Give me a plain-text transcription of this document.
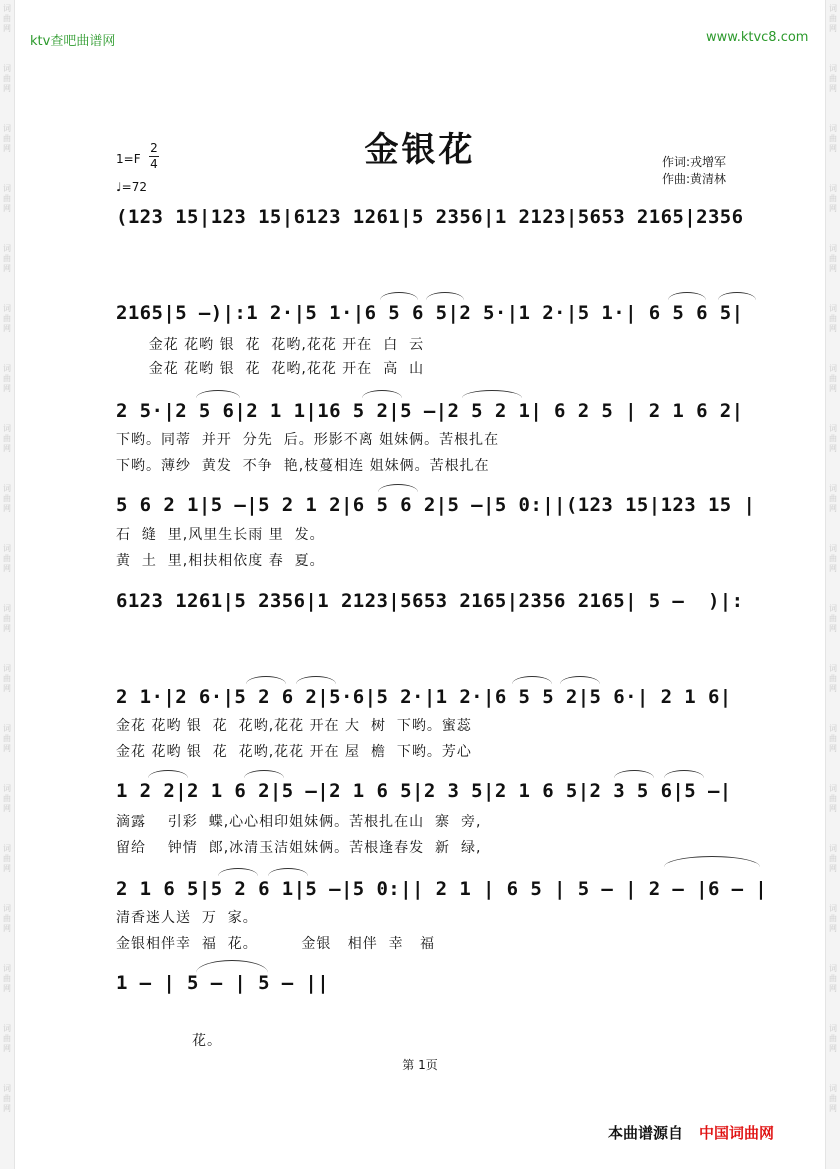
词
曲
网
词
曲
网
词
曲
网
词
曲
网
词
曲
网
词
曲
网
词
曲
网
词
曲
网
词
曲
网
词
曲
网
词
曲
网
词
曲
网
词
曲
网
词
曲
网
词
曲
网
词
曲
网
词
曲
网
词
曲
网
词
曲
网
词
曲
网
词
曲
网
词
曲
网
词
曲
网
词
曲
网
词
曲
网
词
曲
网
词
曲
网
词
曲
网
词
曲
网
词
曲
网
词
曲
网
词
曲
网
词
曲
网
词
曲
网
词
曲
网
词
曲
网
词
曲
网
词
曲
网
ktv查吧曲谱网	www.ktvc8.com
金银花
1=F
2
4
♩=72
作词:戎增军
作曲:黄清林
(123 15|123 15|6123 1261|5 2356|1 2123|5653 2165|2356
2165|5 –)|:1 2·|5 1·|6 5 6 5|2 5·|1 2·|5 1·| 6 5 6 5|
金花 花哟 银  花  花哟,花花 开在  白  云
金花 花哟 银  花  花哟,花花 开在  高  山
2 5·|2 5 6|2 1 1|16 5 2|5 –|2 5 2 1| 6 2 5 | 2 1 6 2|
下哟。同蒂  并开  分先  后。形影不离 姐妹俩。苦根扎在
下哟。薄纱  黄发  不争  艳,枝蔓相连 姐妹俩。苦根扎在
5 6 2 1|5 –|5 2 1 2|6 5 6 2|5 –|5 0:||(123 15|123 15 |
石  缝  里,风里生长雨 里  发。
黄  土  里,相扶相依度 春  夏。
6123 1261|5 2356|1 2123|5653 2165|2356 2165| 5 –  )|:
2 1·|2 6·|5 2 6 2|5·6|5 2·|1 2·|6 5 5 2|5 6·| 2 1 6|
金花 花哟 银  花  花哟,花花 开在 大  树  下哟。蜜蕊
金花 花哟 银  花  花哟,花花 开在 屋  檐  下哟。芳心
1 2 2|2 1 6 2|5 –|2 1 6 5|2 3 5|2 1 6 5|2 3 5 6|5 –|
滴露    引彩  蝶,心心相印姐妹俩。苦根扎在山  寨  旁,
留给    钟情  郎,冰清玉洁姐妹俩。苦根逢春发  新  绿,
2 1 6 5|5 2 6 1|5 –|5 0:|| 2 1 | 6 5 | 5 – | 2 – |6 – |
清香迷人送  万  家。
金银相伴幸  福  花。        金银   相伴  幸   福
1 – | 5 – | 5 – ||
花。
第 1页
本曲谱源自 中国词曲网
